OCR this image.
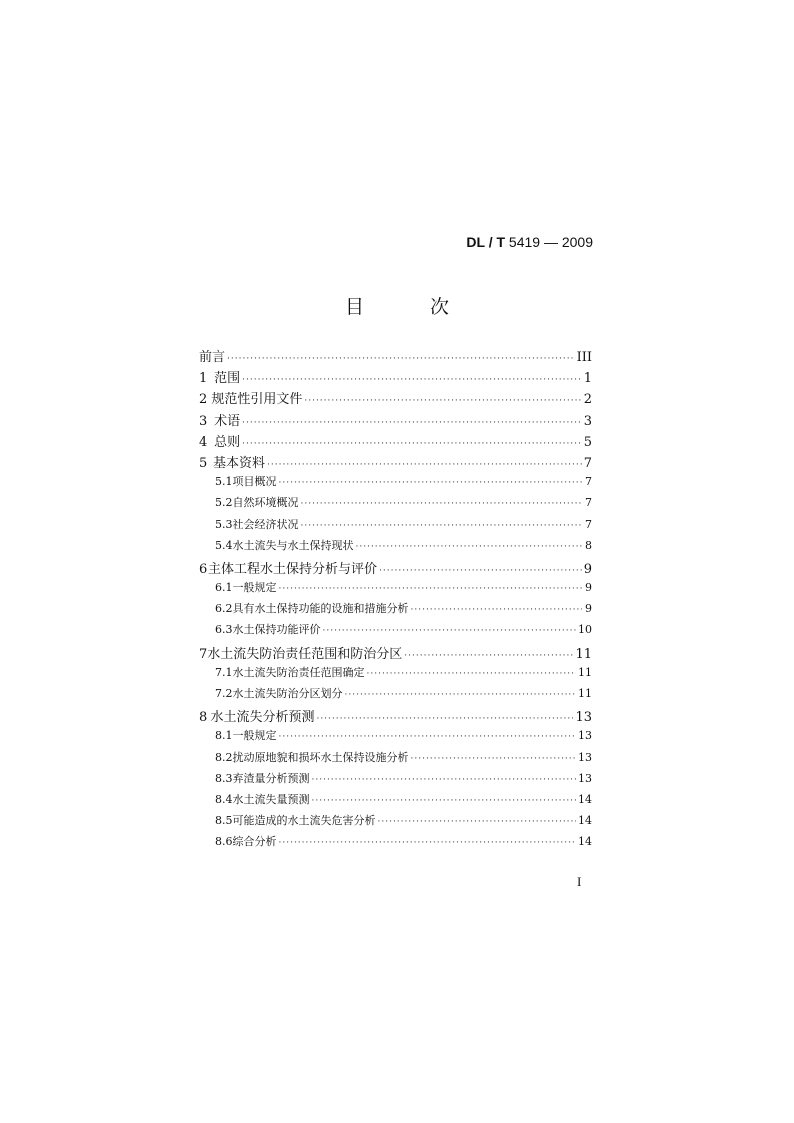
DL / T 5419 — 2009
目 次
前言 ·····	III
1 范围 ·····	1
2 规范性引用文件 ·····	2
3 术语 ·····	3
4 总则 ·····	5
5 基本资料 ·····	7
5.1 项目概况 ·····	7
5.2 自然环境概况 ·····	7
5.3 社会经济状况 ·····	7
5.4 水土流失与水土保持现状 ·····	8
6 主体工程水土保持分析与评价 ·····	9
6.1 一般规定 ·····	9
6.2 具有水土保持功能的设施和措施分析 ·····	9
6.3 水土保持功能评价 ·····	10
7 水土流失防治责任范围和防治分区 ·····	11
7.1 水土流失防治责任范围确定 ·····	11
7.2 水土流失防治分区划分 ·····	11
8 水土流失分析预测 ·····	13
8.1 一般规定 ·····	13
8.2 扰动原地貌和损坏水土保持设施分析 ·····	13
8.3 弃渣量分析预测 ·····	13
8.4 水土流失量预测 ·····	14
8.5 可能造成的水土流失危害分析 ·····	14
8.6 综合分析 ·····	14
I
